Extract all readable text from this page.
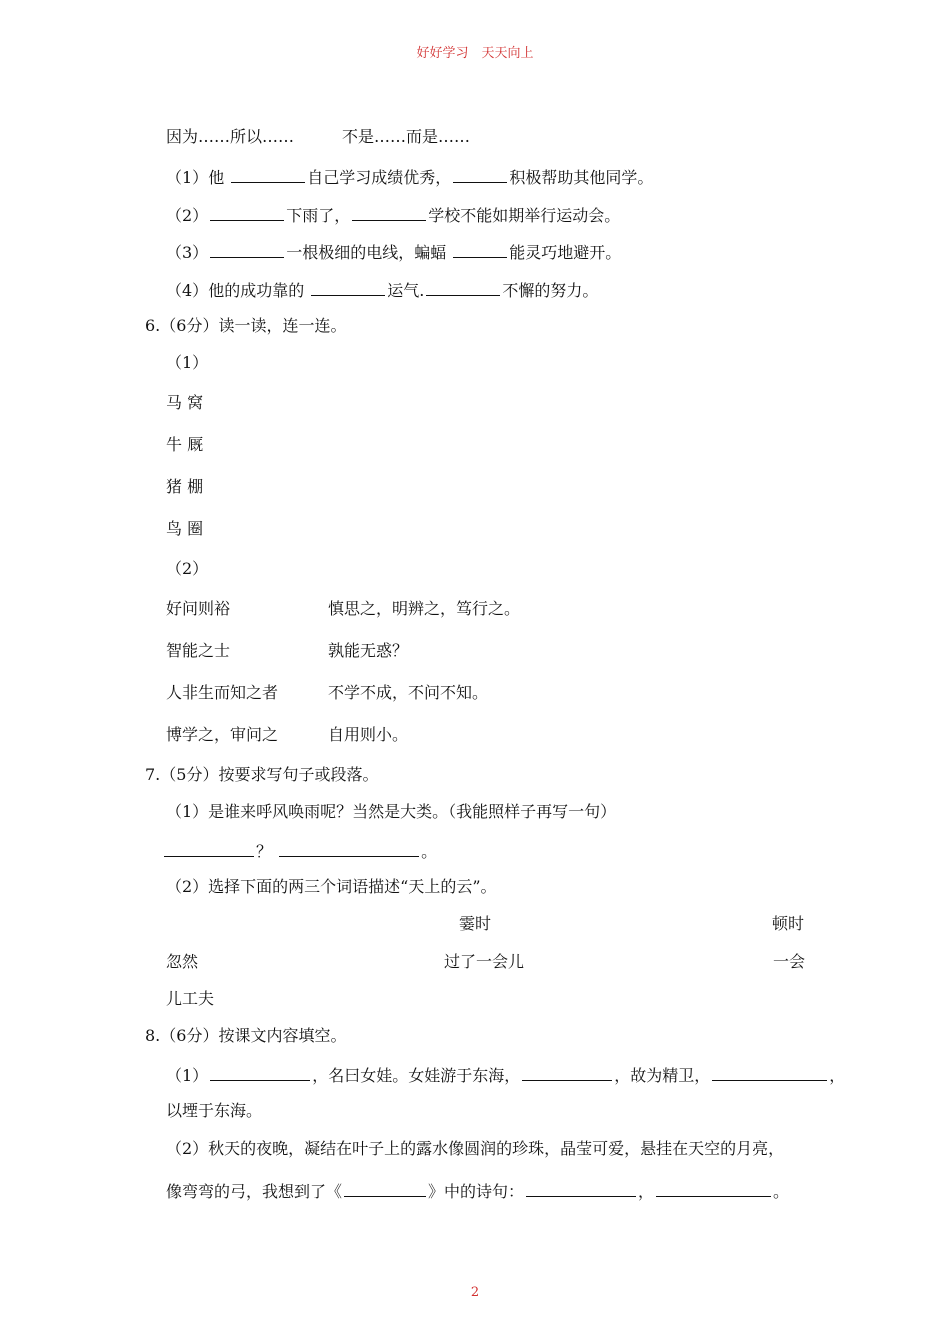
好好学习　天天向上
因为……所以……　　　不是……而是……
（1）他	自己学习成绩优秀，	积极帮助其他同学。
（2）	下雨了，	学校不能如期举行运动会。
（3）	一根极细的电线，蝙蝠	能灵巧地避开。
（4）他的成功靠的	运气.	不懈的努力。
6.（6分）读一读，连一连。
（1）
马 窝
牛 厩
猪 棚
鸟 圈
（2）
好问则裕	慎思之，明辨之，笃行之。
智能之士	孰能无惑？
人非生而知之者	不学不成，不问不知。
博学之，审问之	自用则小。
7.（5分）按要求写句子或段落。
（1）是谁来呼风唤雨呢？当然是大类。（我能照样子再写一句）
？	。
（2）选择下面的两三个词语描述“天上的云”。
霎时	顿时
忽然	过了一会儿	一会
儿工夫
8.（6分）按课文内容填空。
（1）	，名曰女娃。女娃游于东海，	，故为精卫，	，
以堙于东海。
（2）秋天的夜晚，凝结在叶子上的露水像圆润的珍珠，晶莹可爱，悬挂在天空的月亮，
像弯弯的弓，我想到了《	》中的诗句：	，	。
2
